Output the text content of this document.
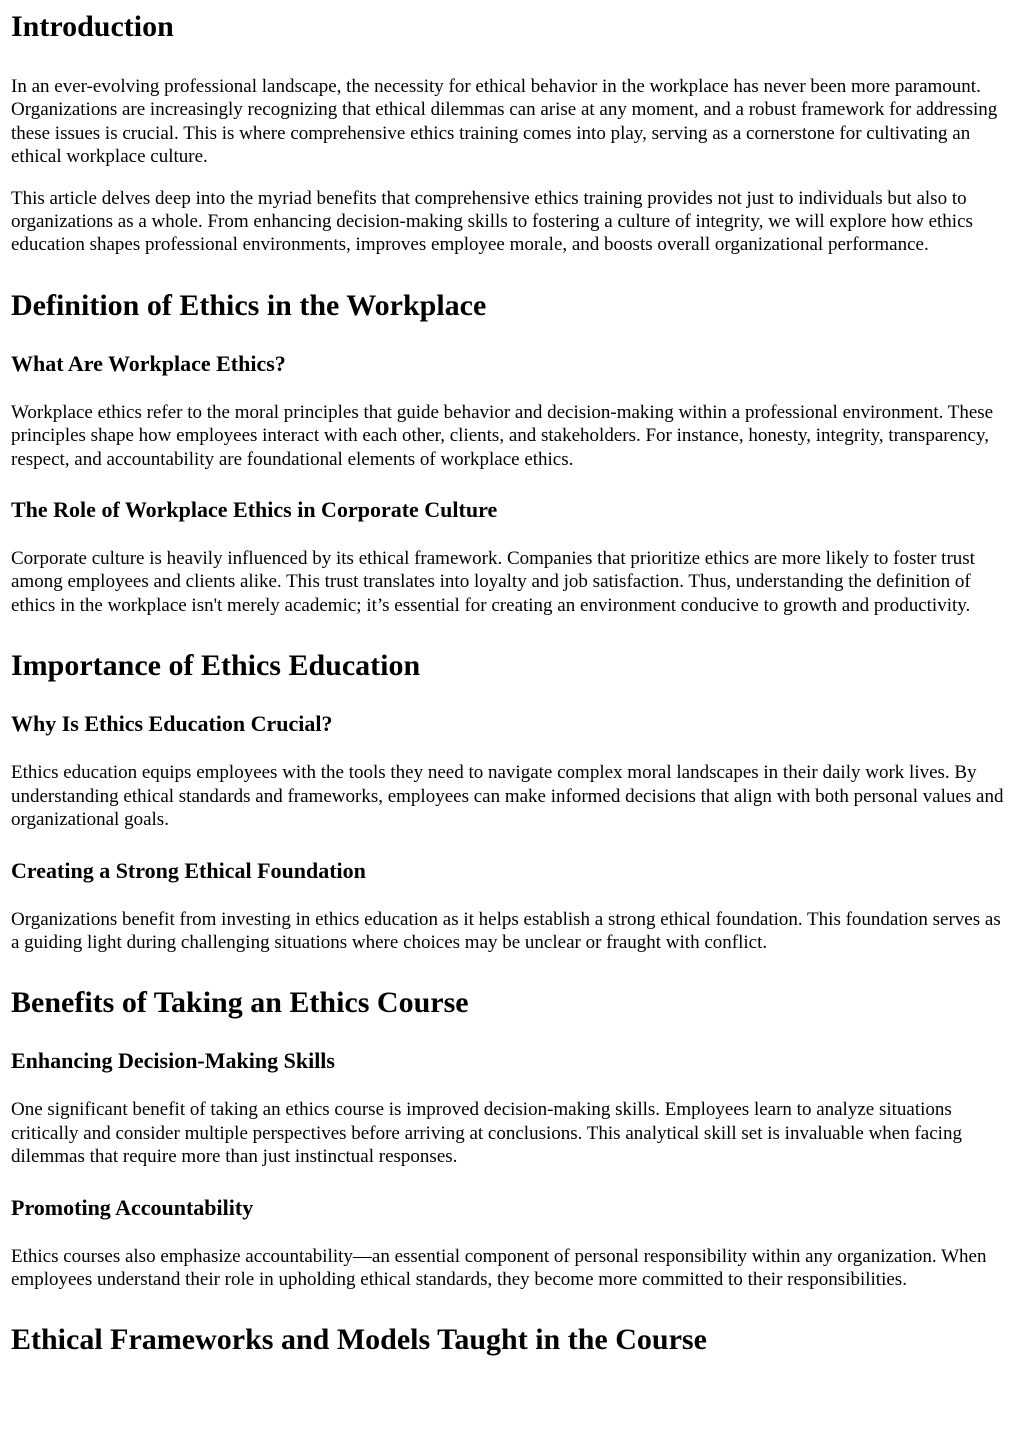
Introduction

In an ever-evolving professional landscape, the necessity for ethical behavior in the workplace has never been more paramount. Organizations are increasingly recognizing that ethical dilemmas can arise at any moment, and a robust framework for addressing these issues is crucial. This is where comprehensive ethics training comes into play, serving as a cornerstone for cultivating an ethical workplace culture.

This article delves deep into the myriad benefits that comprehensive ethics training provides not just to individuals but also to organizations as a whole. From enhancing decision-making skills to fostering a culture of integrity, we will explore how ethics education shapes professional environments, improves employee morale, and boosts overall organizational performance.

Definition of Ethics in the Workplace
What Are Workplace Ethics?

Workplace ethics refer to the moral principles that guide behavior and decision-making within a professional environment. These principles shape how employees interact with each other, clients, and stakeholders. For instance, honesty, integrity, transparency, respect, and accountability are foundational elements of workplace ethics.

The Role of Workplace Ethics in Corporate Culture

Corporate culture is heavily influenced by its ethical framework. Companies that prioritize ethics are more likely to foster trust among employees and clients alike. This trust translates into loyalty and job satisfaction. Thus, understanding the definition of ethics in the workplace isn't merely academic; it’s essential for creating an environment conducive to growth and productivity.

Importance of Ethics Education
Why Is Ethics Education Crucial?

Ethics education equips employees with the tools they need to navigate complex moral landscapes in their daily work lives. By understanding ethical standards and frameworks, employees can make informed decisions that align with both personal values and organizational goals.

Creating a Strong Ethical Foundation

Organizations benefit from investing in ethics education as it helps establish a strong ethical foundation. This foundation serves as a guiding light during challenging situations where choices may be unclear or fraught with conflict.

Benefits of Taking an Ethics Course
Enhancing Decision-Making Skills

One significant benefit of taking an ethics course is improved decision-making skills. Employees learn to analyze situations critically and consider multiple perspectives before arriving at conclusions. This analytical skill set is invaluable when facing dilemmas that require more than just instinctual responses.

Promoting Accountability

Ethics courses also emphasize accountability—an essential component of personal responsibility within any organization. When employees understand their role in upholding ethical standards, they become more committed to their responsibilities.

Ethical Frameworks and Models Taught in the Course
